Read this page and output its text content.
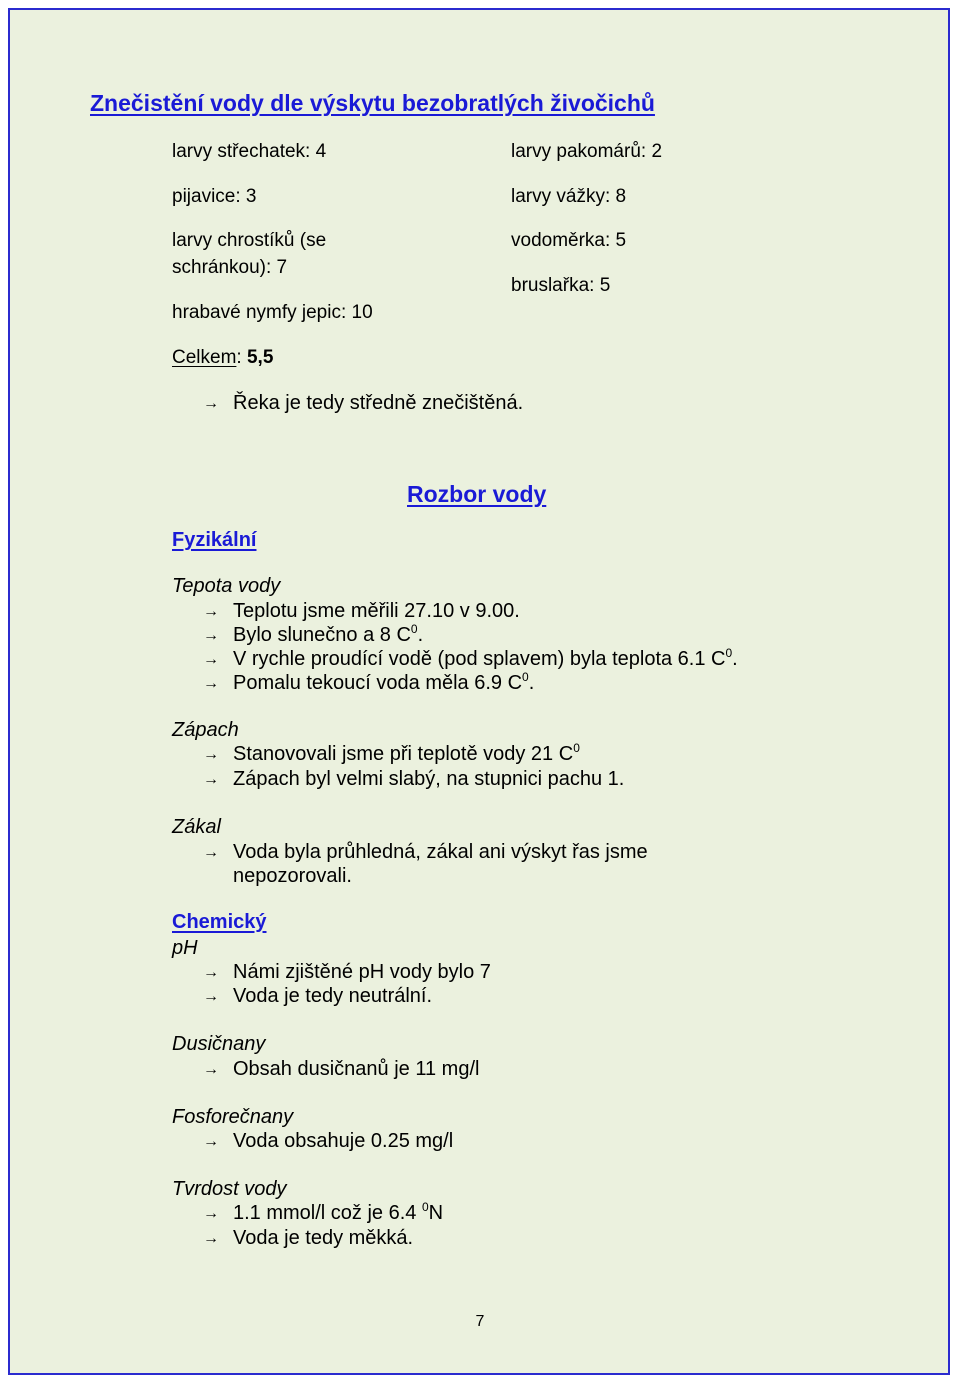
Znečistění vody dle výskytu bezobratlých živočichů
larvy střechatek: 4
pijavice: 3
larvy chrostíků (se
schránkou): 7
hrabavé nymfy jepic: 10
larvy pakomárů: 2
larvy vážky: 8
vodoměrka: 5
bruslařka: 5
Celkem: 5,5
→ Řeka je tedy středně znečištěná.
Rozbor vody
Fyzikální
Tepota vody
→ Teplotu jsme měřili 27.10 v 9.00.
→ Bylo slunečno a 8 $C^0$.
→ V rychle proudící vodě (pod splavem) byla teplota 6.1 $C^0$.
→ Pomalu tekoucí voda měla 6.9 $C^0$.
Zápach
→ Stanovovali jsme při teplotě vody 21 $C^0$
→ Zápach byl velmi slabý, na stupnici pachu 1.
Zákal
→ Voda byla průhledná, zákal ani výskyt řas jsme
nepozorovali.
Chemický
pH
→ Námi zjištěné pH vody bylo 7
→ Voda je tedy neutrální.
Dusičnany
→ Obsah dusičnanů je 11 mg/l
Fosforečnany
→ Voda obsahuje 0.25 mg/l
Tvrdost vody
→ 1.1 mmol/l což je 6.4 $^0$N
→ Voda je tedy měkká.
7
